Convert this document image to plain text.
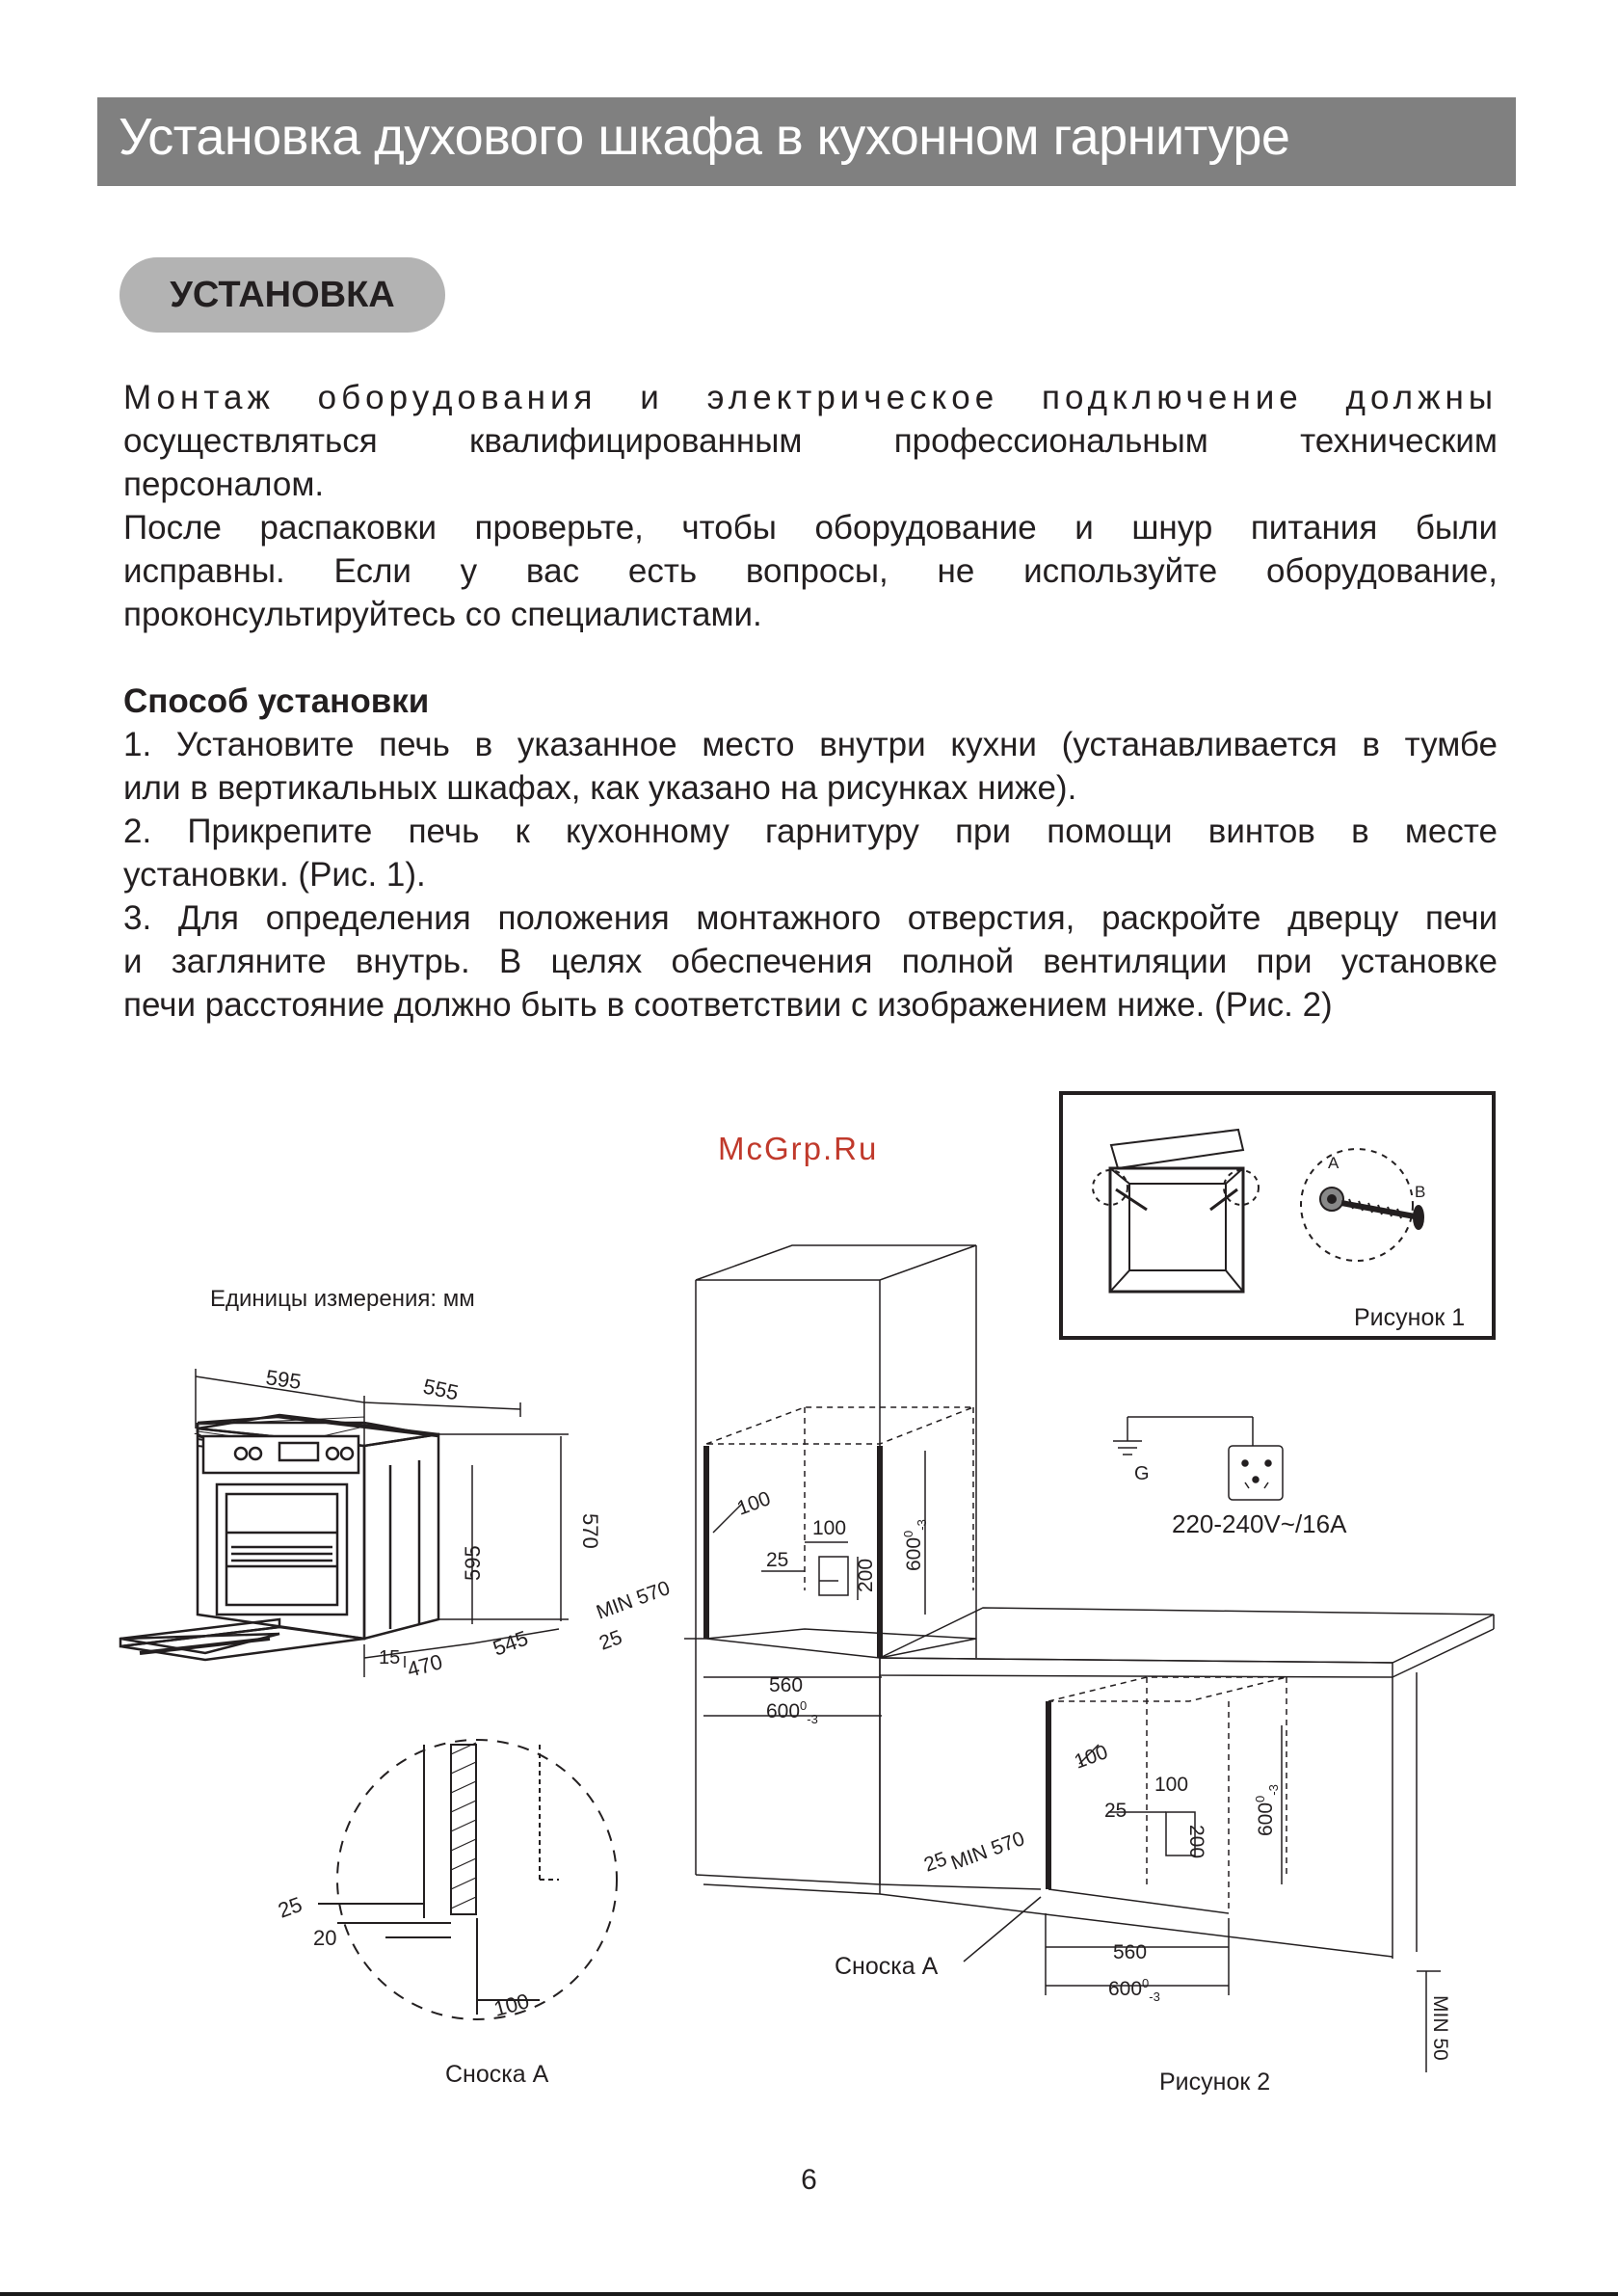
Установка духового шкафа в кухонном гарнитуре
УСТАНОВКА

Монтаж оборудования и электрическое подключение должны

осуществляться квалифицированным профессиональным техническим

персоналом.

После распаковки проверьте, чтобы оборудование и шнур питания были

исправны. Если у вас есть вопросы, не используйте оборудование,

проконсультируйтесь со специалистами.

Способ установки

1. Установите печь в указанное место внутри кухни (устанавливается в тумбе

или в вертикальных шкафах, как указано на рисунках ниже).

2. Прикрепите печь к кухонному гарнитуру при помощи винтов в месте

установки. (Рис. 1).

3. Для определения положения монтажного отверстия, раскройте дверцу печи

и загляните внутрь. В целях обеспечения полной вентиляции при установке

печи расстояние должно быть в соответствии с изображением ниже. (Рис. 2)

McGrp.Ru	A
B
Рисунок 1
Единицы измерения: мм
595	555
570
595
545
15 470
25
20
100
Сноска А
100
100
25	200
$600^0_{-3}$
MIN 570
25
560
$600^0_{-3}$
100
100
25
200
$600^0_{-3}$
25
MIN 570
560
$600^0_{-3}$	MIN 50
Сноска А
Рисунок 2
G
220-240V~/16A
6
